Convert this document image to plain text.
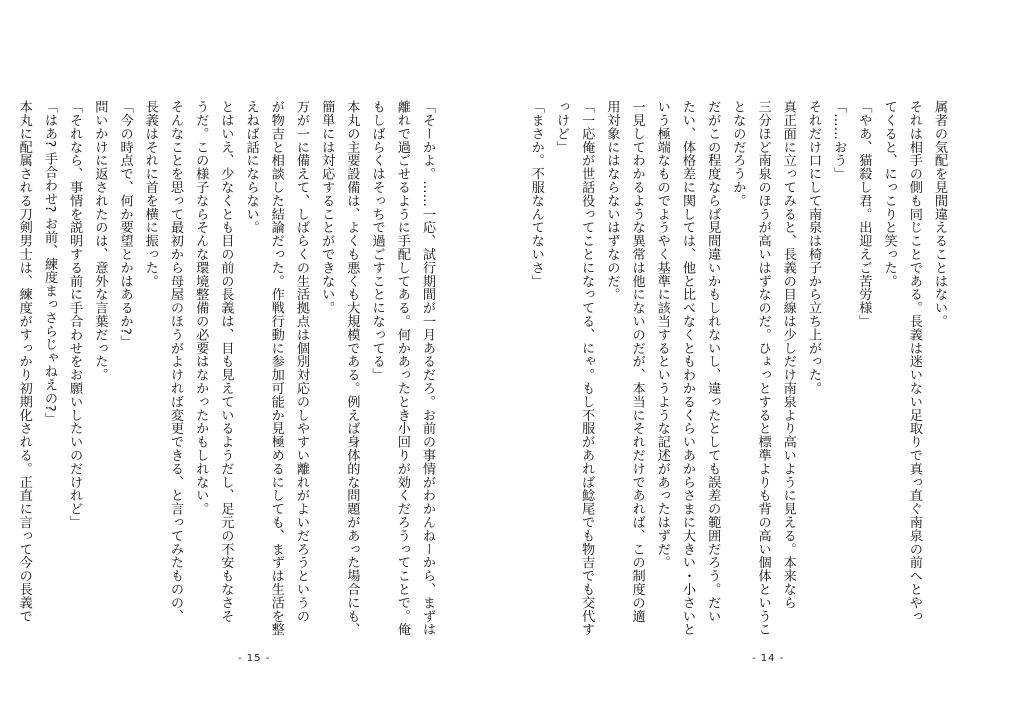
「そーかよ。……一応、試行期間が一月あるだろ。お前の事情がわかんねーから、まずは
離れで過ごせるように手配してある。何かあったとき小回りが効くだろうってことで。俺
もしばらくはそっちで過ごすことになってる」
本丸の主要設備は、よくも悪くも大規模である。例えば身体的な問題があった場合にも、
簡単には対応することができない。
万が一に備えて、しばらくの生活拠点は個別対応のしやすい離れがよいだろうというの
が物吉と相談した結論だった。作戦行動に参加可能か見極めるにしても、まずは生活を整
えねば話にならない。
とはいえ、少なくとも目の前の長義は、目も見えているようだし、足元の不安もなさそ
うだ。この様子ならそんな環境整備の必要はなかったかもしれない。
そんなことを思って最初から母屋のほうがよければ変更できる、と言ってみたものの、
長義はそれに首を横に振った。
「今の時点で、何か要望とかはあるか?」
問いかけに返されたのは、意外な言葉だった。
「それなら、事情を説明する前に手合わせをお願いしたいのだけれど」
「はあ? 手合わせ? お前、練度まっさらじゃねえの?」
本丸に配属される刀剣男士は、練度がすっかり初期化される。正直に言って今の長義で
- 15 -
属者の気配を見間違えることはない。
それは相手の側も同じことである。長義は迷いない足取りで真っ直ぐ南泉の前へとやっ
てくると、にっこりと笑った。
「やあ、猫殺し君。出迎えご苦労様」
「……おう」
それだけ口にして南泉は椅子から立ち上がった。
真正面に立ってみると、長義の目線は少しだけ南泉より高いように見える。本来なら
三分ほど南泉のほうが高いはずなのだ。ひょっとすると標準よりも背の高い個体というこ
となのだろうか。
だがこの程度ならば見間違いかもしれないし、違ったとしても誤差の範囲だろう。だい
たい、体格差に関しては、他と比べなくともわかるくらいあからさまに大きい・小さいと
いう極端なものでようやく基準に該当するというような記述があったはずだ。
一見してわかるような異常は他にないのだが、本当にそれだけであれば、この制度の適
用対象にはならないはずなのだ。
「一応俺が世話役ってことになってる、にゃ。もし不服があれば鯰尾でも物吉でも交代す
っけど」
「まさか。不服なんてないさ」
- 14 -
